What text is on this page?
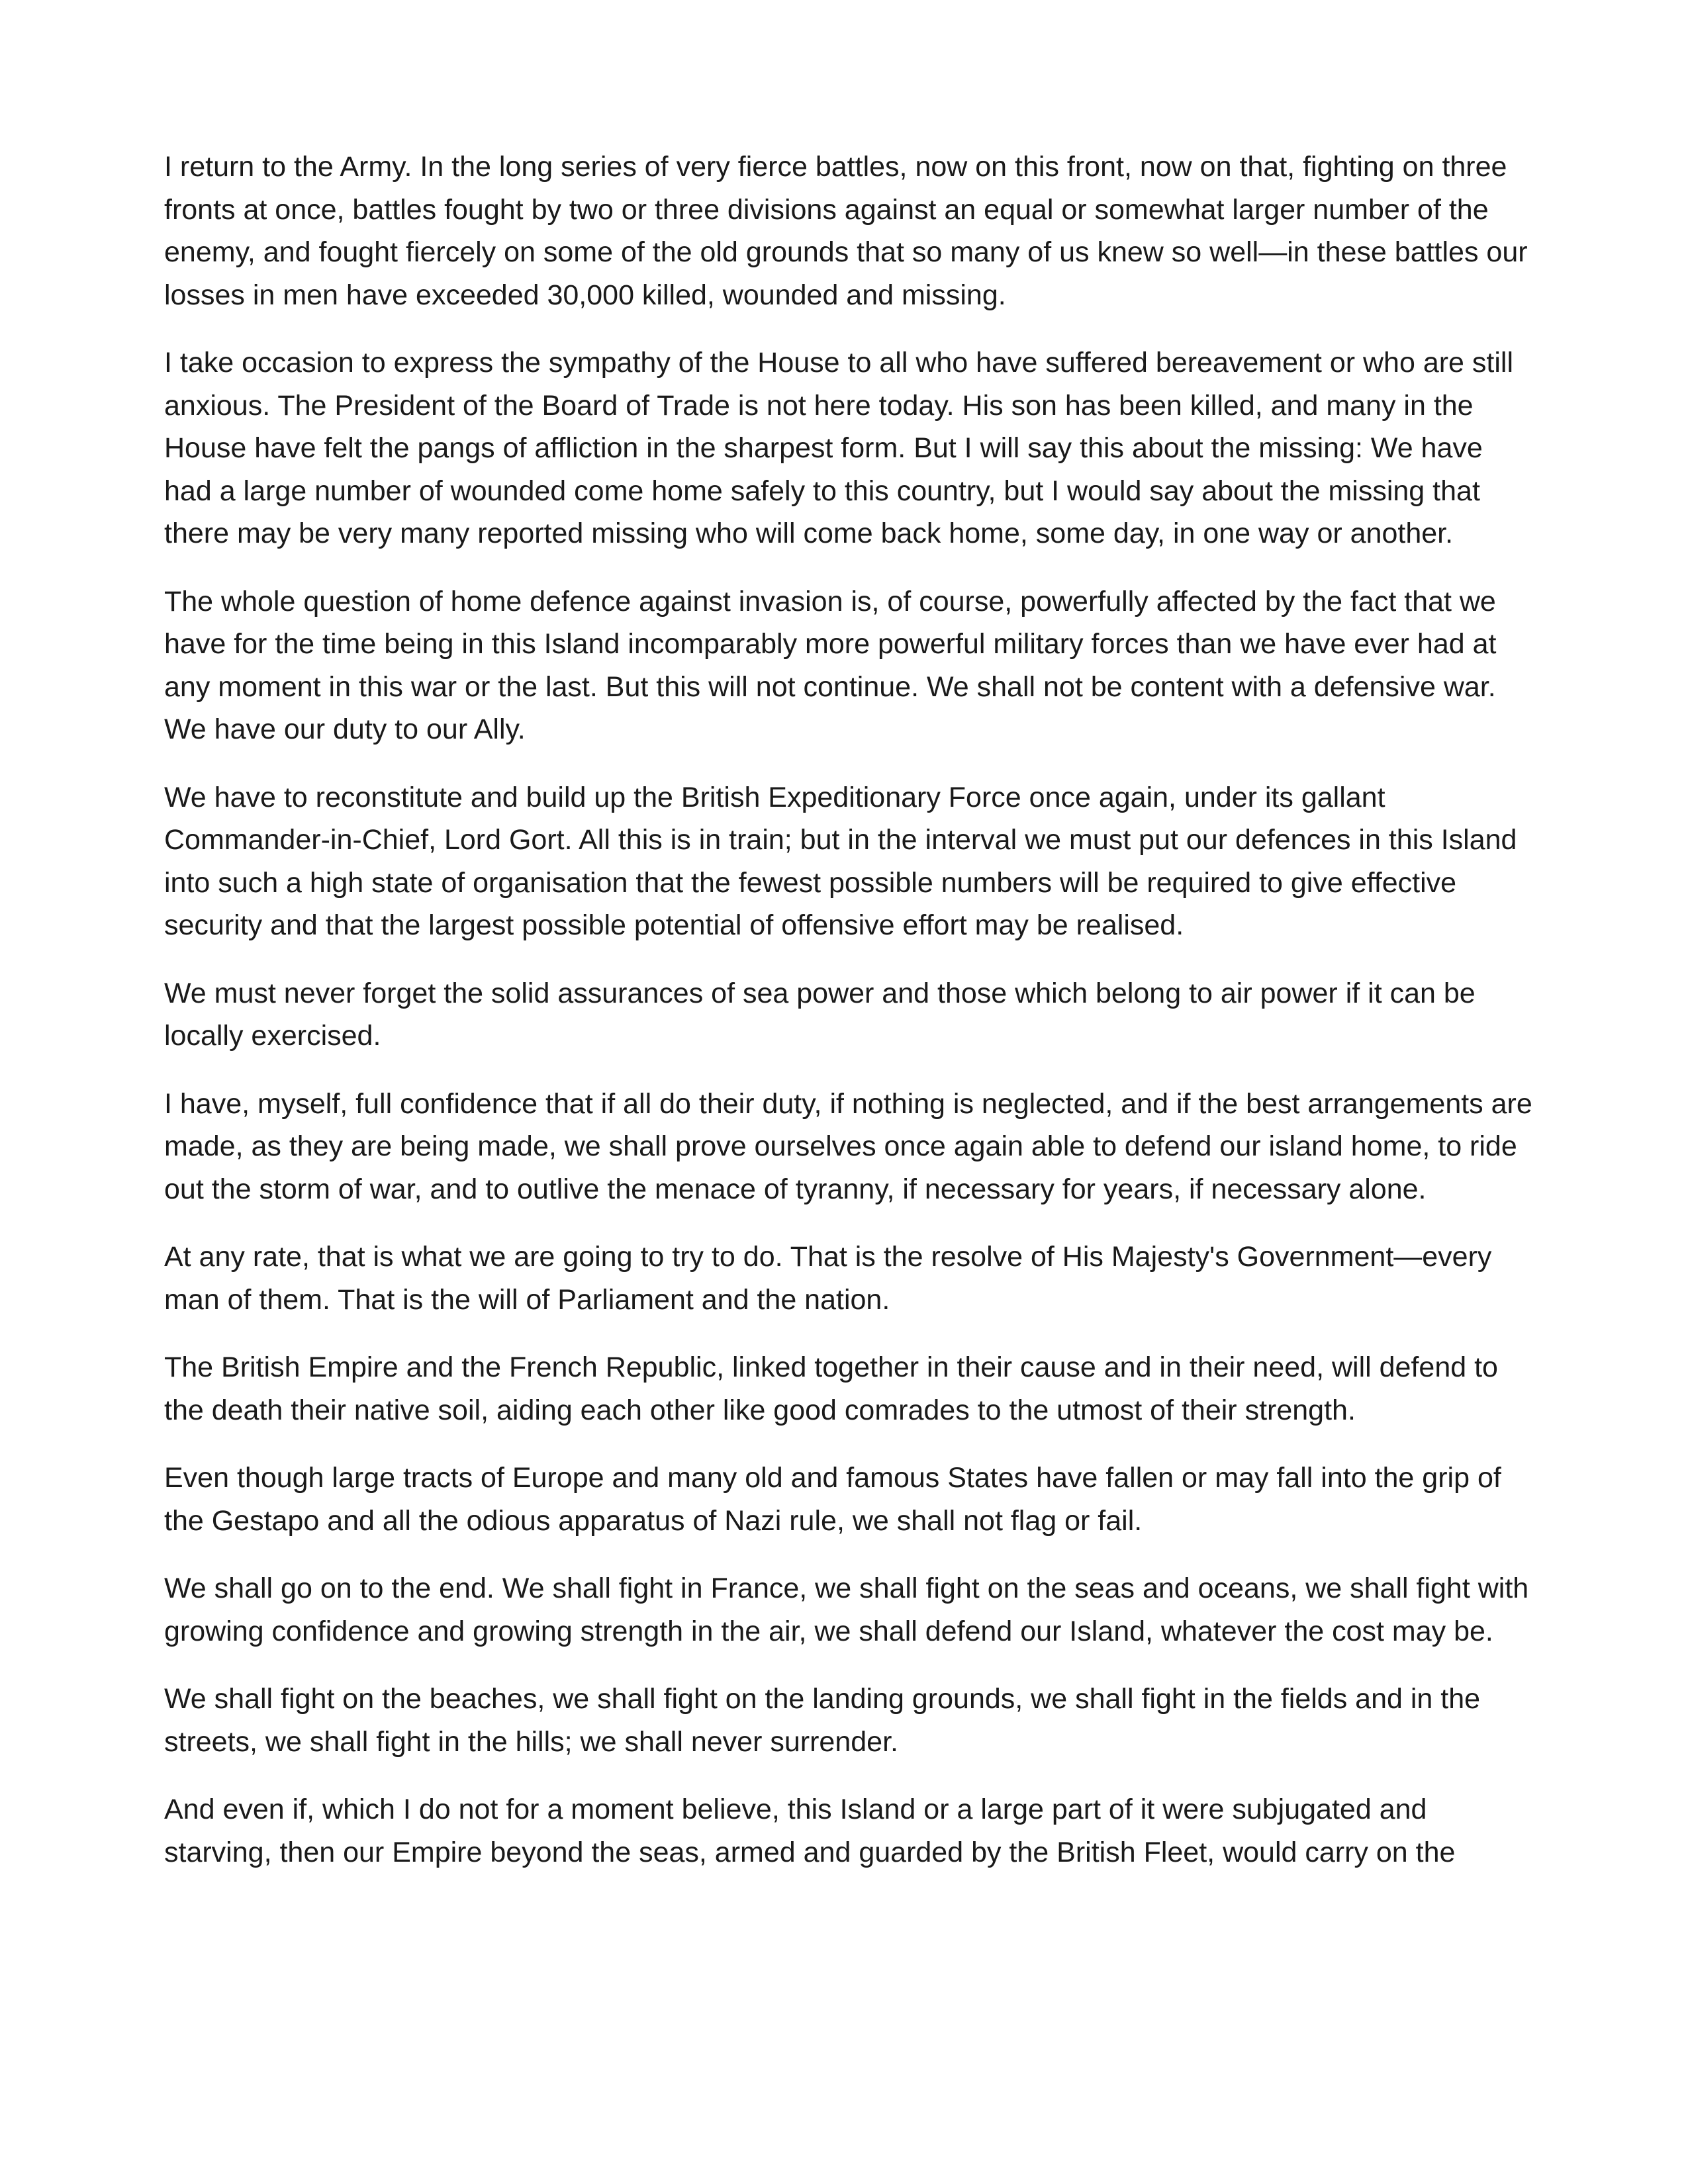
I return to the Army. In the long series of very fierce battles, now on this front, now on that, fighting on three fronts at once, battles fought by two or three divisions against an equal or somewhat larger number of the enemy, and fought fiercely on some of the old grounds that so many of us knew so well—in these battles our losses in men have exceeded 30,000 killed, wounded and missing.

I take occasion to express the sympathy of the House to all who have suffered bereavement or who are still anxious. The President of the Board of Trade is not here today. His son has been killed, and many in the House have felt the pangs of affliction in the sharpest form. But I will say this about the missing: We have had a large number of wounded come home safely to this country, but I would say about the missing that there may be very many reported missing who will come back home, some day, in one way or another.

The whole question of home defence against invasion is, of course, powerfully affected by the fact that we have for the time being in this Island incomparably more powerful military forces than we have ever had at any moment in this war or the last. But this will not continue. We shall not be content with a defensive war. We have our duty to our Ally.

We have to reconstitute and build up the British Expeditionary Force once again, under its gallant Commander-in-Chief, Lord Gort. All this is in train; but in the interval we must put our defences in this Island into such a high state of organisation that the fewest possible numbers will be required to give effective security and that the largest possible potential of offensive effort may be realised.

We must never forget the solid assurances of sea power and those which belong to air power if it can be locally exercised.

I have, myself, full confidence that if all do their duty, if nothing is neglected, and if the best arrangements are made, as they are being made, we shall prove ourselves once again able to defend our island home, to ride out the storm of war, and to outlive the menace of tyranny, if necessary for years, if necessary alone.

At any rate, that is what we are going to try to do. That is the resolve of His Majesty's Government—every man of them. That is the will of Parliament and the nation.

The British Empire and the French Republic, linked together in their cause and in their need, will defend to the death their native soil, aiding each other like good comrades to the utmost of their strength.

Even though large tracts of Europe and many old and famous States have fallen or may fall into the grip of the Gestapo and all the odious apparatus of Nazi rule, we shall not flag or fail.

We shall go on to the end. We shall fight in France, we shall fight on the seas and oceans, we shall fight with growing confidence and growing strength in the air, we shall defend our Island, whatever the cost may be.

We shall fight on the beaches, we shall fight on the landing grounds, we shall fight in the fields and in the streets, we shall fight in the hills; we shall never surrender.

And even if, which I do not for a moment believe, this Island or a large part of it were subjugated and starving, then our Empire beyond the seas, armed and guarded by the British Fleet, would carry on the
